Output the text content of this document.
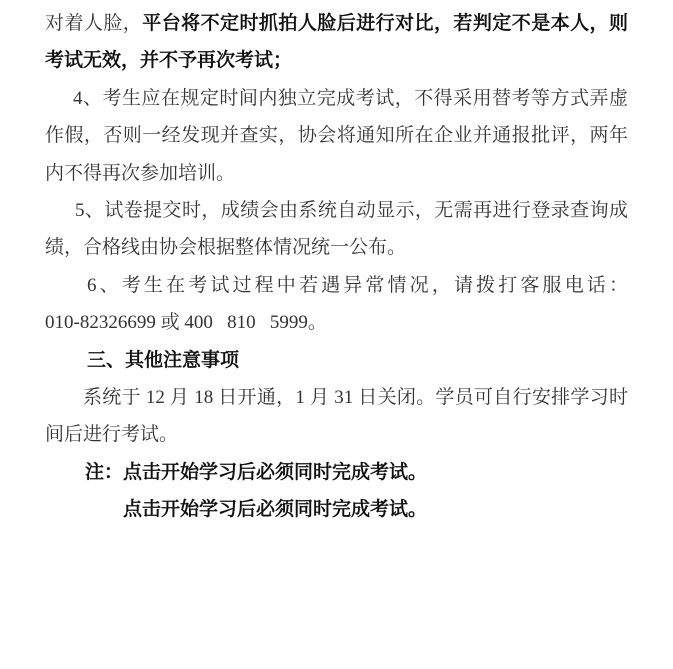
对着人脸，平台将不定时抓拍人脸后进行对比，若判定不是本人，则
考试无效，并不予再次考试；
4、考生应在规定时间内独立完成考试，不得采用替考等方式弄虚
作假，否则一经发现并查实，协会将通知所在企业并通报批评，两年
内不得再次参加培训。
5、试卷提交时，成绩会由系统自动显示，无需再进行登录查询成
绩，合格线由协会根据整体情况统一公布。
6、考生在考试过程中若遇异常情况，请拨打客服电话：
010-82326699 或 400   810   5999。
三、其他注意事项
系统于 12 月 18 日开通，1 月 31 日关闭。学员可自行安排学习时
间后进行考试。
注：点击开始学习后必须同时完成考试。
点击开始学习后必须同时完成考试。
